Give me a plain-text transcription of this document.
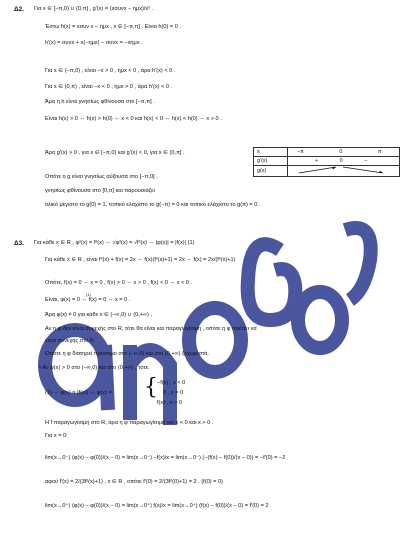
ανοδος
Δ2. Για x ∈ [−π,0) ∪ (0,π] , g′(x) = (xσυνx − ημx)/x² .
Έστω h(x) = xσυν x − ημx , x ∈ [−π,π] . Είναι h(0) = 0 .
h′(x) = συνx + x(−ημx) − συνx = −xημx .
Για x ∈ (−π,0) , είναι −x > 0 , ημx < 0 , άρα h′(x) < 0 .
Για x ∈ (0,π) , είναι −x < 0 , ημx > 0 , άρα h′(x) < 0 .
Άρα η h είναι γνησίως φθίνουσα στο [−π,π] .
Είναι h(x) > 0 ⇔ h(x) > h(0) ⇔ x < 0 και h(x) < 0 ⇔ h(x) < h(0) ⇔ x > 0 .
Άρα g′(x) > 0 , για x ∈ [−π,0) και g′(x) < 0, για x ∈ (0,π] .
Οπότε η g είναι γνησίως αύξουσα στο [−π,0] ,
γνησίως φθίνουσα στο [0,π] και παρουσιάζει
ολικό μέγιστο το g(0) = 1, τοπικό ελάχιστο το g(−π) = 0 και τοπικό ελάχιστο το g(π) = 0 .
x	−π 0 π
g′(x)	+ 0 −
g(x)	
Δ3. Για κάθε x ∈ R , φ²(x) = f²(x) ⇔ √φ²(x) = √f²(x) ⇔ |φ(x)| = |f(x)| (1)
Για κάθε x ∈ R , είναι f³(x) + f(x) = 2x ⇔ f(x)(f²(x)+1) = 2x ⇔ f(x) = 2x/(f²(x)+1)
Οπότε, f(x) = 0 ⇔ x = 0 , f(x) > 0 ⇔ x > 0 , f(x) < 0 ⇔ x < 0 .
(1)
Είναι, φ(x) = 0 ⇔ f(x) = 0 ⇔ x = 0 .
Άρα φ(x) ≠ 0 για κάθε x ∈ (−∞,0) ∪ (0,+∞) .
Αν η φ δεν είναι συνεχής στο R, τότε θα είναι και παραγωγίσιμη , οπότε η φ πρέπει να
είναι συνεχής στο R.
Οπότε η φ διατηρεί πρόσημο στο (−∞,0) και στο (0,+∞) ξεχωριστά.
• Αν φ(x) > 0 στο (−∞,0) και στο (0,+∞) , τότε:
(1) ⇔ φ(x) = |f(x)| ⇔ φ(x) = { −f(x) , x < 0
0 , x = 0
f(x) , x > 0
Η f παραγωγίσιμη στο R, άρα η φ παραγωγίσιμη για x < 0 και x > 0 .
Για x = 0:
lim(x→0⁻) (φ(x) − φ(0))/(x − 0) = lim(x→0⁻) −f(x)/x = lim(x→0⁻) (−(f(x) − f(0))/(x − 0)) = −f′(0) = −2
αφού f′(x) = 2/(3f²(x)+1) , x ∈ R , οπότε f′(0) = 2/(3f²(0)+1) = 2 . (f(0) = 0)
lim(x→0⁺) (φ(x) − φ(0))/(x − 0) = lim(x→0⁺) f(x)/x = lim(x→0⁺) (f(x) − f(0))/(x − 0) = f′(0) = 2
